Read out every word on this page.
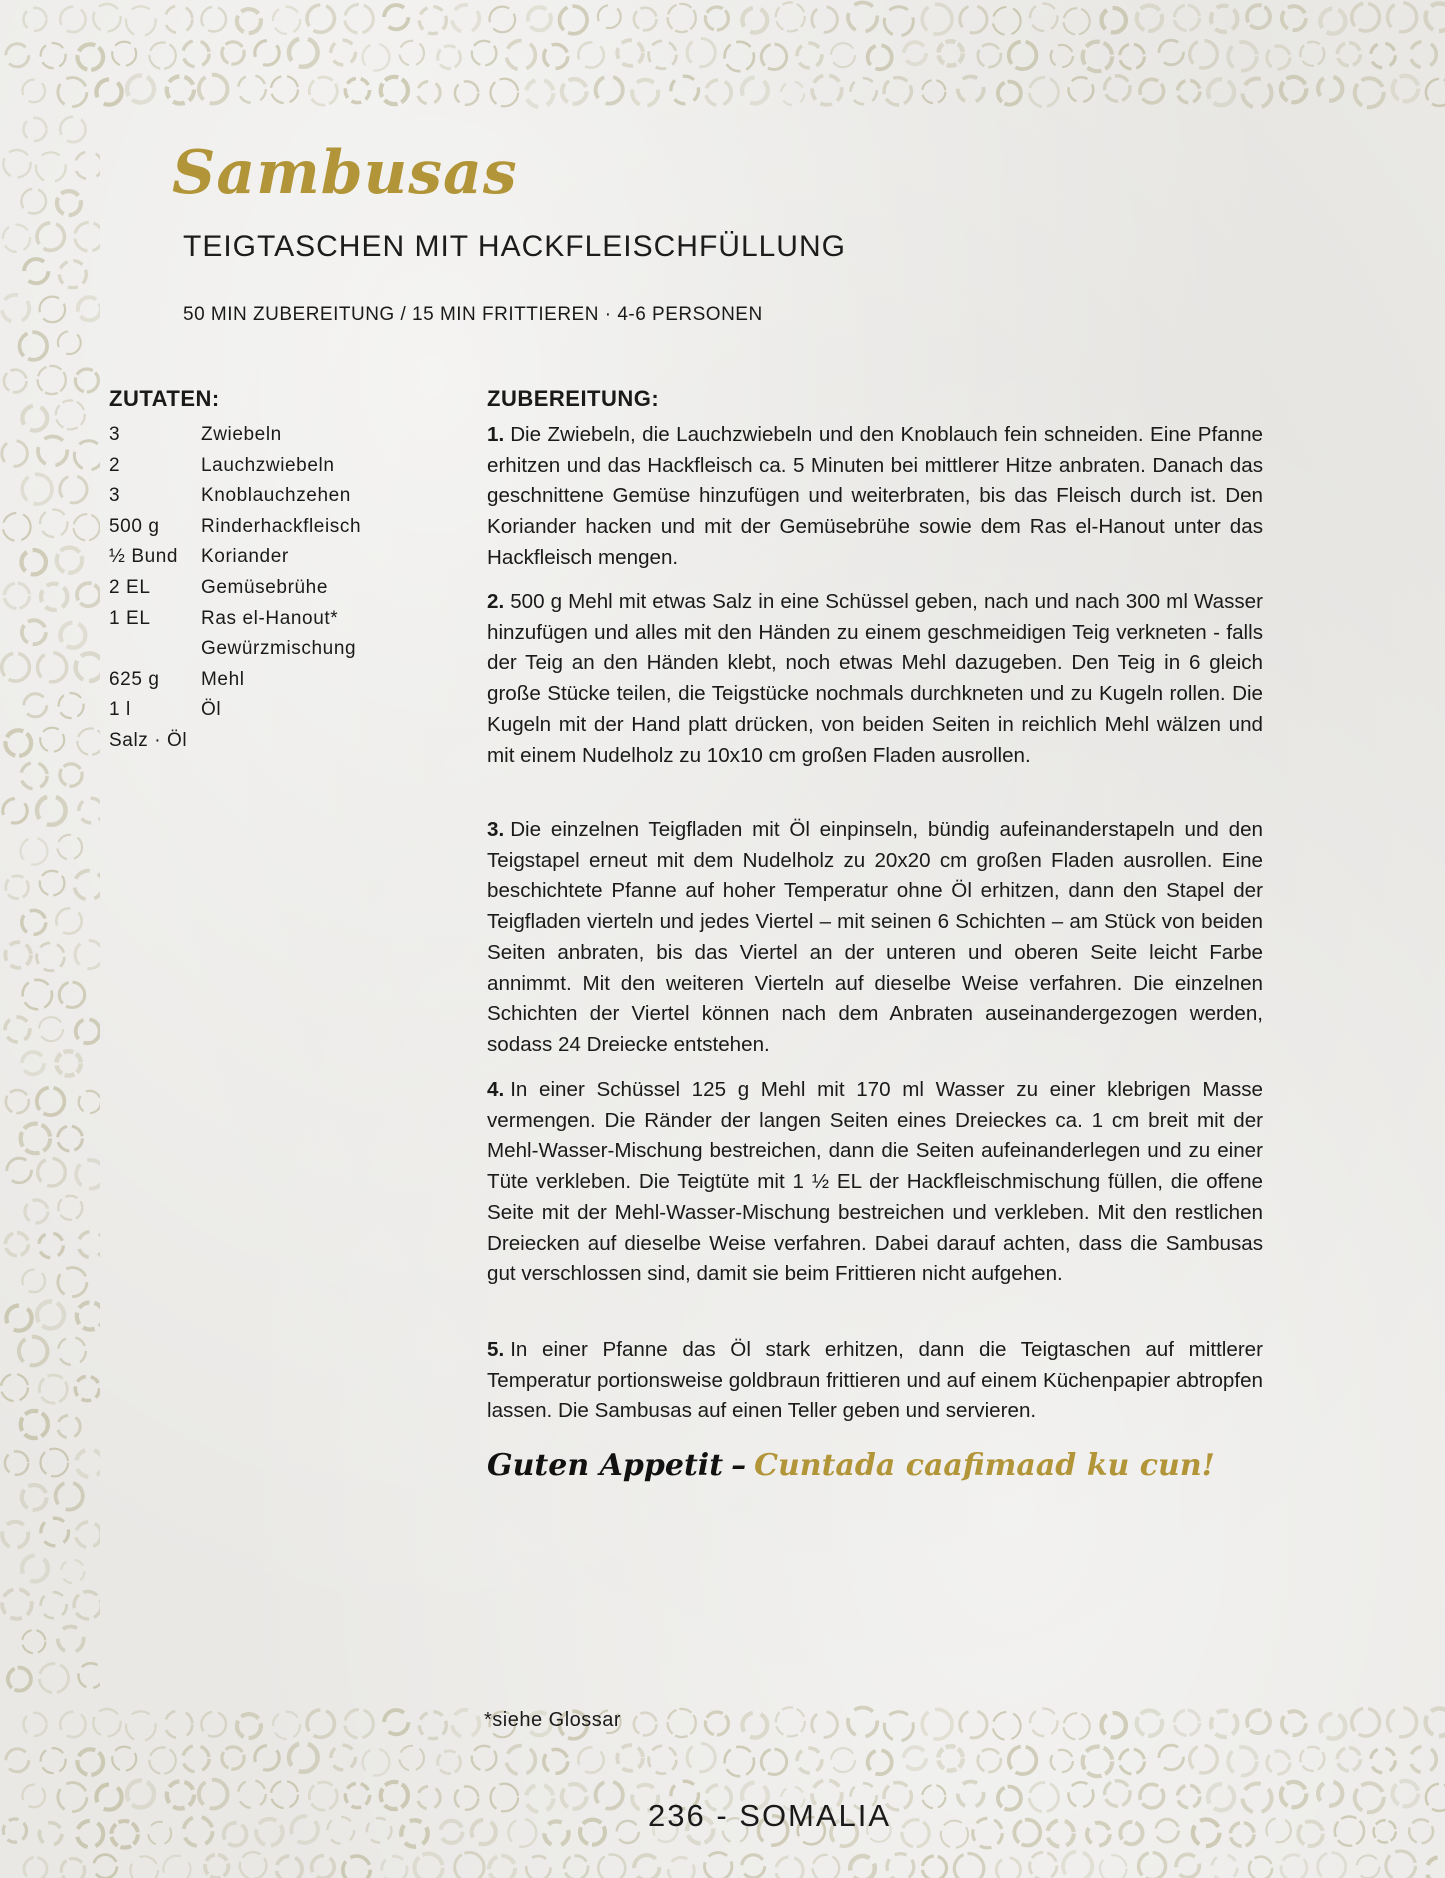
Sambusas
TEIGTASCHEN MIT HACKFLEISCHFÜLLUNG
50 MIN ZUBEREITUNG / 15 MIN FRITTIEREN · 4-6 PERSONEN
ZUTATEN:
3	Zwiebeln
2	Lauchzwiebeln
3	Knoblauchzehen
500 g	Rinderhackfleisch
½ Bund	Koriander
2 EL	Gemüsebrühe
1 EL	Ras el-Hanout*
Gewürzmischung
625 g	Mehl
1 l	Öl
Salz · Öl
ZUBEREITUNG:

1. Die Zwiebeln, die Lauchzwiebeln und den Knoblauch fein schneiden. Eine Pfanne erhitzen und das Hackfleisch ca. 5 Minuten bei mittlerer Hitze anbraten. Danach das geschnittene Gemüse hinzufügen und weiterbraten, bis das Fleisch durch ist. Den Koriander hacken und mit der Gemüsebrühe sowie dem Ras el-Hanout unter das Hackfleisch mengen.

2. 500 g Mehl mit etwas Salz in eine Schüssel geben, nach und nach 300 ml Wasser hinzufügen und alles mit den Händen zu einem geschmeidigen Teig verkneten - falls der Teig an den Händen klebt, noch etwas Mehl dazugeben. Den Teig in 6 gleich große Stücke teilen, die Teigstücke nochmals durchkneten und zu Kugeln rollen. Die Kugeln mit der Hand platt drücken, von beiden Seiten in reichlich Mehl wälzen und mit einem Nudelholz zu 10x10 cm großen Fladen ausrollen.

3. Die einzelnen Teigfladen mit Öl einpinseln, bündig aufeinanderstapeln und den Teigstapel erneut mit dem Nudelholz zu 20x20 cm großen Fladen ausrollen. Eine beschichtete Pfanne auf hoher Temperatur ohne Öl erhitzen, dann den Stapel der Teigfladen vierteln und jedes Viertel – mit seinen 6 Schichten – am Stück von beiden Seiten anbraten, bis das Viertel an der unteren und oberen Seite leicht Farbe annimmt. Mit den weiteren Vierteln auf dieselbe Weise verfahren. Die einzelnen Schichten der Viertel können nach dem Anbraten auseinandergezogen werden, sodass 24 Dreiecke entstehen.

4. In einer Schüssel 125 g Mehl mit 170 ml Wasser zu einer klebrigen Masse vermengen. Die Ränder der langen Seiten eines Dreieckes ca. 1 cm breit mit der Mehl-Wasser-Mischung bestreichen, dann die Seiten aufeinanderlegen und zu einer Tüte verkleben. Die Teigtüte mit 1 ½ EL der Hackfleischmischung füllen, die offene Seite mit der Mehl-Wasser-Mischung bestreichen und verkleben. Mit den restlichen Dreiecken auf dieselbe Weise verfahren. Dabei darauf achten, dass die Sambusas gut verschlossen sind, damit sie beim Frittieren nicht aufgehen.

5. In einer Pfanne das Öl stark erhitzen, dann die Teigtaschen auf mittlerer Temperatur portionsweise goldbraun frittieren und auf einem Küchenpapier abtropfen lassen. Die Sambusas auf einen Teller geben und servieren.

Guten Appetit – Cuntada caafimaad ku cun!
*siehe Glossar
236 - SOMALIA
